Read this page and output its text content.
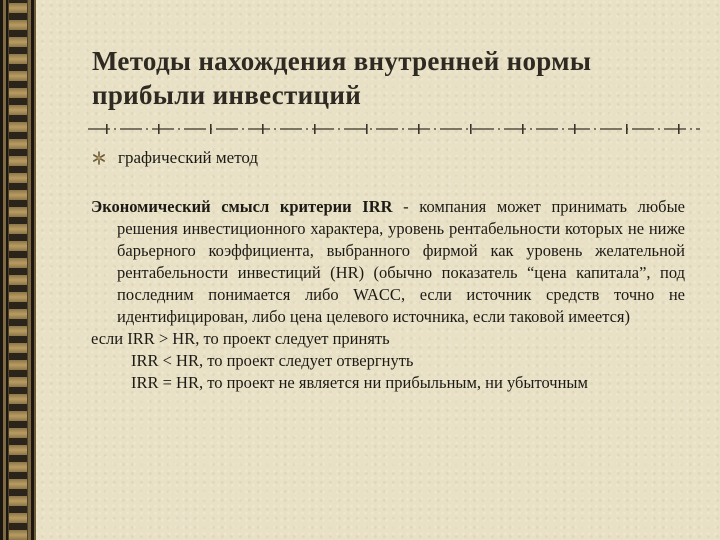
Методы нахождения внутренней нормы прибыли инвестиций
графический метод

Экономический смысл критерии IRR - компания может принимать любые решения инвестиционного характера, уровень рентабельности которых не ниже барьерного коэффициента, выбранного фирмой как уровень желательной рентабельности инвестиций (HR) (обычно показатель “цена капитала”, под последним понимается либо WACC, если источник средств точно не идентифицирован, либо цена целевого источника, если таковой имеется)

если IRR > HR, то проект следует принять

IRR < HR, то проект следует отвергнуть

IRR = HR, то проект не является ни прибыльным, ни убыточным
